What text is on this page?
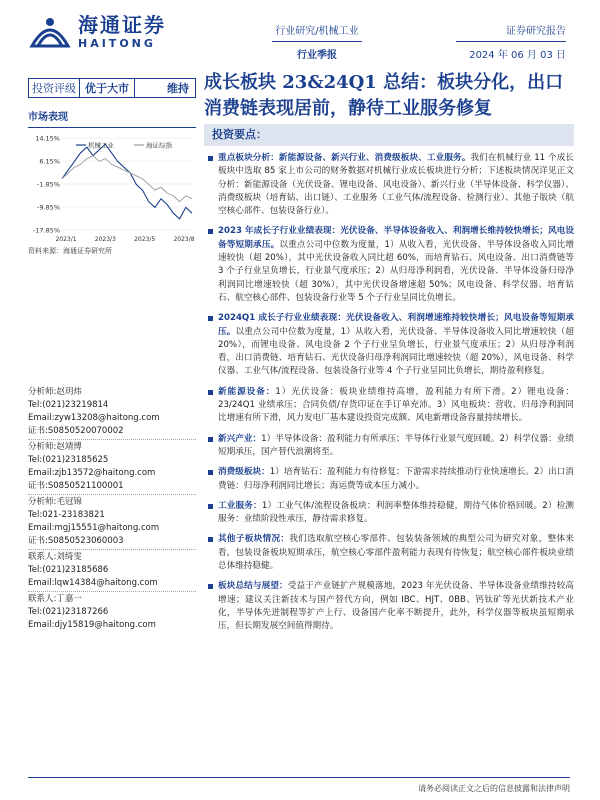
海通证券
HAITONG
行业研究/机械工业
行业季报
证券研究报告
2024 年 06 月 03 日
投资评级 优于大市	维持 成长板块 23&24Q1 总结：板块分化，出口消费链表现居前，静待工业服务修复
市场表现
14.15%
6.15%
-1.85%
-9.85%
-17.85%
2023/1	2023/3	2023/5	2023/8
机械工业	海证综指
资料来源：海通证券研究所
分析师:赵玥炜
Tel:(021)23219814
Email:zyw13208@haitong.com
证书:S0850520070002
分析师:赵靖博
Tel:(021)23185625
Email:zjb13572@haitong.com
证书:S0850521100001
分析师:毛冠锦
Tel:021-23183821
Email:mgj15551@haitong.com
证书:S0850523060003
联系人:刘绮雯
Tel:(021)23185686
Email:lqw14384@haitong.com
联系人:丁嘉一
Tel:(021)23187266
Email:djy15819@haitong.com
投资要点：
重点板块分析：新能源设备、新兴行业、消费级板块、工业服务。我们在机械行业 11 个成长板块中选取 85 家上市公司的财务数据对机械行业成长板块进行分析；下述板块情况详见正文分析：新能源设备（光伏设备、锂电设备、风电设备）、新兴行业（半导体设备、科学仪器）、消费级板块（培育钻、出口链）、工业服务（工业气体/流程设备、检测行业）、其他子版块（航空核心部件、包装设备行业）。
2023 年成长子行业业绩表现：光伏设备、半导体设备收入、利润增长维持较快增长；风电设备等短期承压。以重点公司中位数为度量，1）从收入看，光伏设备、半导体设备收入同比增速较快（超 20%），其中光伏设备收入同比超 60%，而培育钻石、风电设备、出口消费链等 3 个子行业呈负增长，行业景气度承压；2）从归母净利润看，光伏设备、半导体设备归母净利润同比增速较快（超 30%），其中光伏设备增速超 50%；风电设备、科学仪器、培育钻石、航空核心部件、包装设备行业等 5 个子行业呈同比负增长。
2024Q1 成长子行业业绩表现：光伏设备收入、利润增速维持较快增长；风电设备等短期承压。以重点公司中位数为度量，1）从收入看，光伏设备、半导体设备收入同比增速较快（超 20%），而锂电设备、风电设备 2 个子行业呈负增长，行业景气度承压；2）从归母净利润看，出口消费链、培育钻石、光伏设备归母净利润同比增速较快（超 20%），风电设备、科学仪器、工业气体/流程设备、包装设备行业等 4 个子行业呈同比负增长，期待盈利修复。
新能源设备：1）光伏设备：板块业绩维持高增，盈利能力有所下滑。2）锂电设备：23/24Q1 业绩承压；合同负债/存货印证在手订单充沛。3）风电板块：营收、归母净利润同比增速有所下滑，风力发电厂基本建设投资完成额、风电新增设备容量持续增长。
新兴产业：1）半导体设备：盈利能力有所承压；半导体行业景气度回暖。2）科学仪器：业绩短期承压，国产替代浪潮将至。
消费级板块：1）培育钻石：盈利能力有待修复；下游需求持续推动行业快速增长。2）出口消费链：归母净利润同比增长；海运费等成本压力减小。
工业服务：1）工业气体/流程设备板块：利润率整体维持稳健，期待气体价格回暖。2）检测服务：业绩阶段性承压，静待需求修复。
其他子板块情况：我们选取航空核心零部件、包装装备领域的典型公司为研究对象，整体来看，包装设备板块短期承压，航空核心零部件盈利能力表现有待恢复；航空核心部件板块业绩总体维持稳健。
板块总结与展望：受益于产业链扩产规模落地，2023 年光伏设备、半导体设备业绩维持较高增速；建议关注新技术与国产替代方向，例如 IBC、HJT、0BB、钙钛矿等光伏新技术产业化，半导体先进制程等扩产上行、设备国产化率不断提升，此外，科学仪器等板块虽短期承压，但长期发展空间值得期待。
请务必阅读正文之后的信息披露和法律声明
